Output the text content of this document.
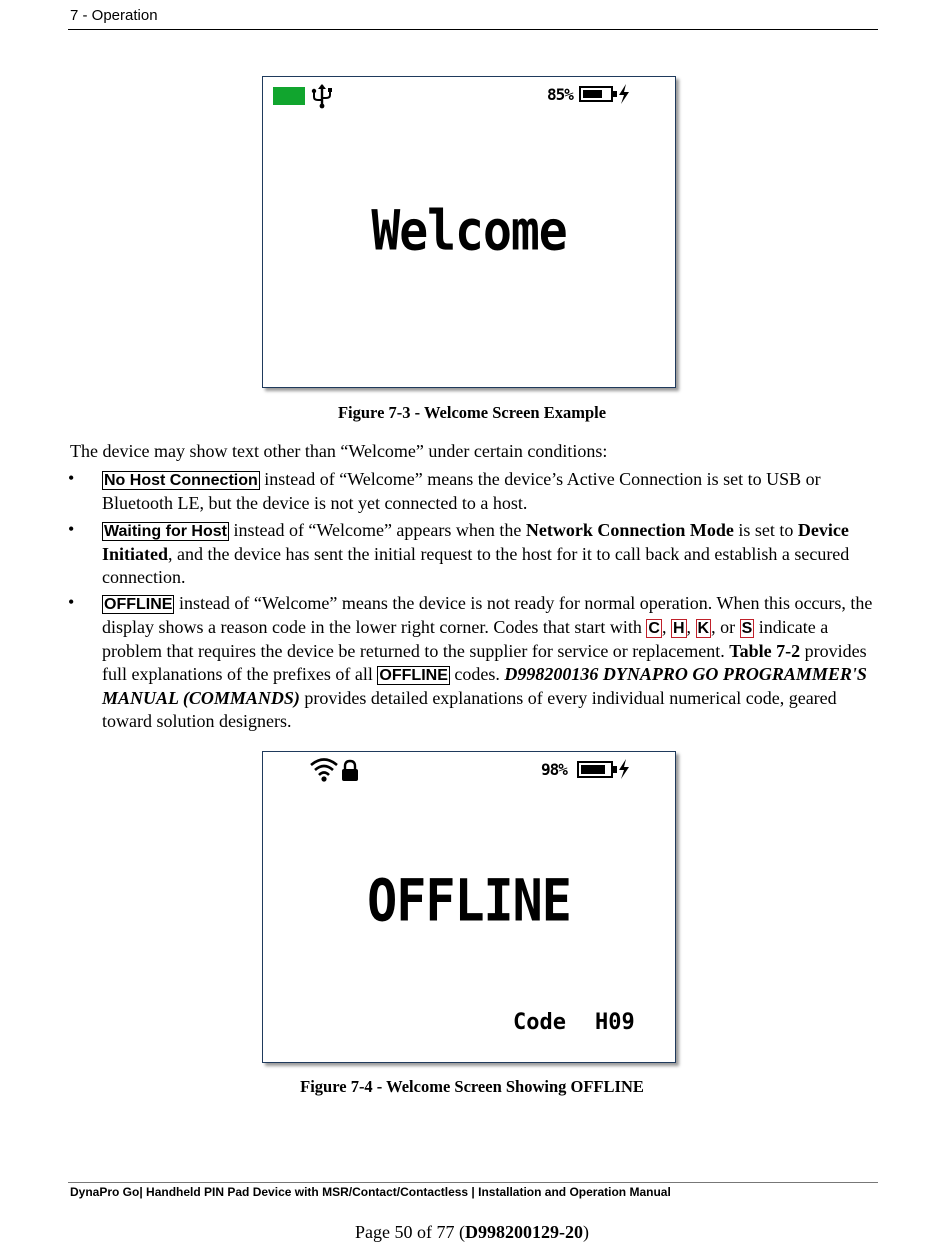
7 - Operation
85%
Welcome
Figure 7-3 - Welcome Screen Example
The device may show text other than “Welcome” under certain conditions:
• No Host Connection instead of “Welcome” means the device’s Active Connection is set to USB or Bluetooth LE, but the device is not yet connected to a host.
• Waiting for Host instead of “Welcome” appears when the Network Connection Mode is set to Device Initiated, and the device has sent the initial request to the host for it to call back and establish a secured connection.
• OFFLINE instead of “Welcome” means the device is not ready for normal operation. When this occurs, the display shows a reason code in the lower right corner. Codes that start with C , H , K , or S indicate a problem that requires the device be returned to the supplier for service or replacement. Table 7-2 provides full explanations of the prefixes of all OFFLINE codes. D998200136 DYNAPRO GO PROGRAMMER'S MANUAL (COMMANDS) provides detailed explanations of every individual numerical code, geared toward solution designers.
98%
OFFLINE
Code H09
Figure 7-4 - Welcome Screen Showing OFFLINE
DynaPro Go| Handheld PIN Pad Device with MSR/Contact/Contactless | Installation and Operation Manual
Page 50 of 77 (D998200129-20)
